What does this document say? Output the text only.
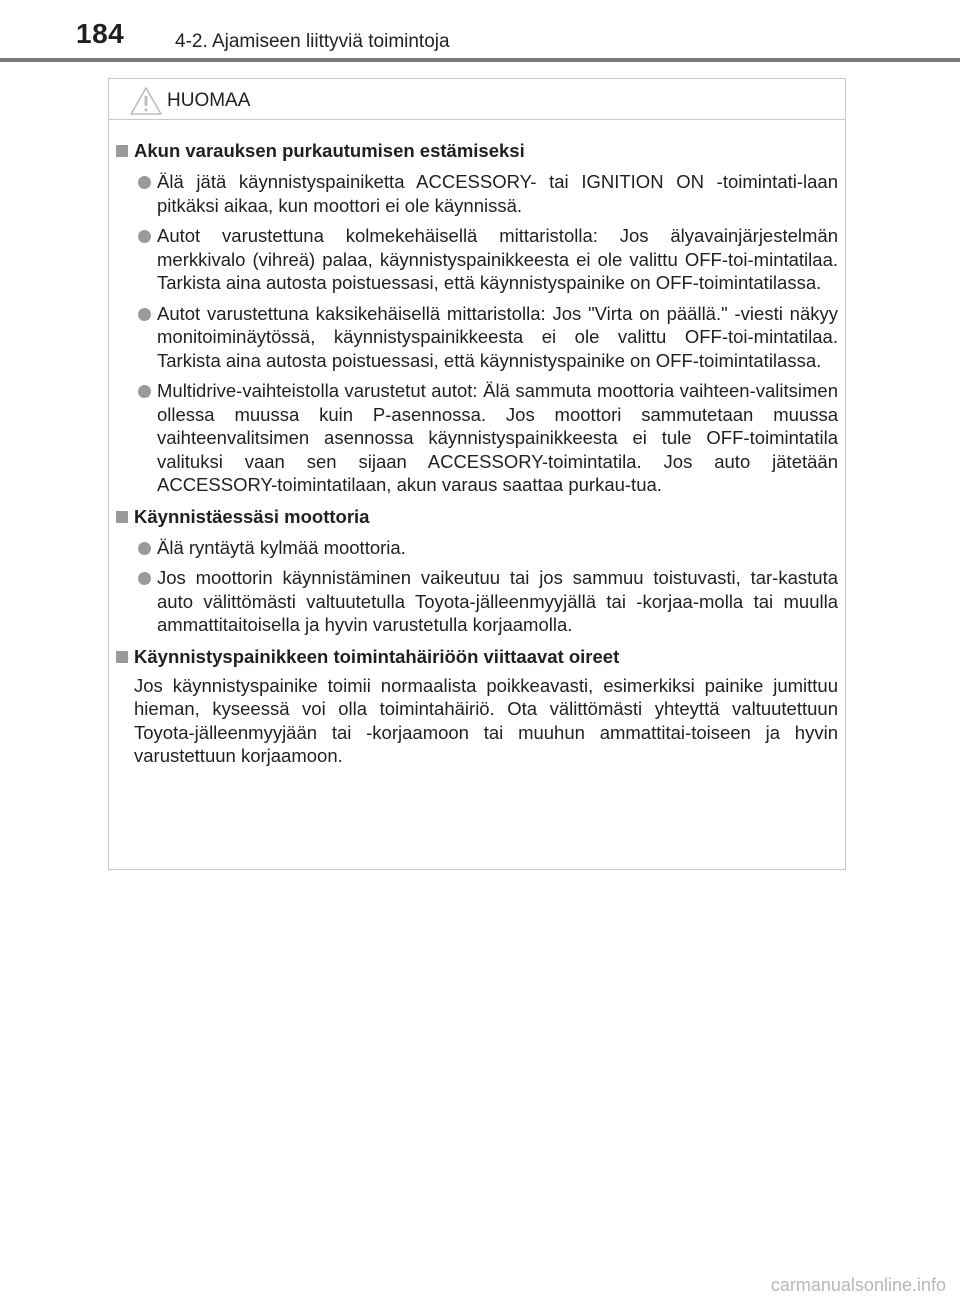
184	4-2. Ajamiseen liittyviä toimintoja
HUOMAA
Akun varauksen purkautumisen estämiseksi
Älä jätä käynnistyspainiketta ACCESSORY- tai IGNITION ON -toimintati-laan pitkäksi aikaa, kun moottori ei ole käynnissä.
Autot varustettuna kolmekehäisellä mittaristolla: Jos älyavainjärjestelmän merkkivalo (vihreä) palaa, käynnistyspainikkeesta ei ole valittu OFF-toi-mintatilaa. Tarkista aina autosta poistuessasi, että käynnistyspainike on OFF-toimintatilassa.
Autot varustettuna kaksikehäisellä mittaristolla: Jos "Virta on päällä." -viesti näkyy monitoiminäytössä, käynnistyspainikkeesta ei ole valittu OFF-toi-mintatilaa. Tarkista aina autosta poistuessasi, että käynnistyspainike on OFF-toimintatilassa.
Multidrive-vaihteistolla varustetut autot: Älä sammuta moottoria vaihteen-valitsimen ollessa muussa kuin P-asennossa. Jos moottori sammutetaan muussa vaihteenvalitsimen asennossa käynnistyspainikkeesta ei tule OFF-toimintatila valituksi vaan sen sijaan ACCESSORY-toimintatila. Jos auto jätetään ACCESSORY-toimintatilaan, akun varaus saattaa purkau-tua.
Käynnistäessäsi moottoria
Älä ryntäytä kylmää moottoria.
Jos moottorin käynnistäminen vaikeutuu tai jos sammuu toistuvasti, tar-kastuta auto välittömästi valtuutetulla Toyota-jälleenmyyjällä tai -korjaa-molla tai muulla ammattitaitoisella ja hyvin varustetulla korjaamolla.
Käynnistyspainikkeen toimintahäiriöön viittaavat oireet
Jos käynnistyspainike toimii normaalista poikkeavasti, esimerkiksi painike jumittuu hieman, kyseessä voi olla toimintahäiriö. Ota välittömästi yhteyttä valtuutettuun Toyota-jälleenmyyjään tai -korjaamoon tai muuhun ammattitai-toiseen ja hyvin varustettuun korjaamoon.
carmanualsonline.info
